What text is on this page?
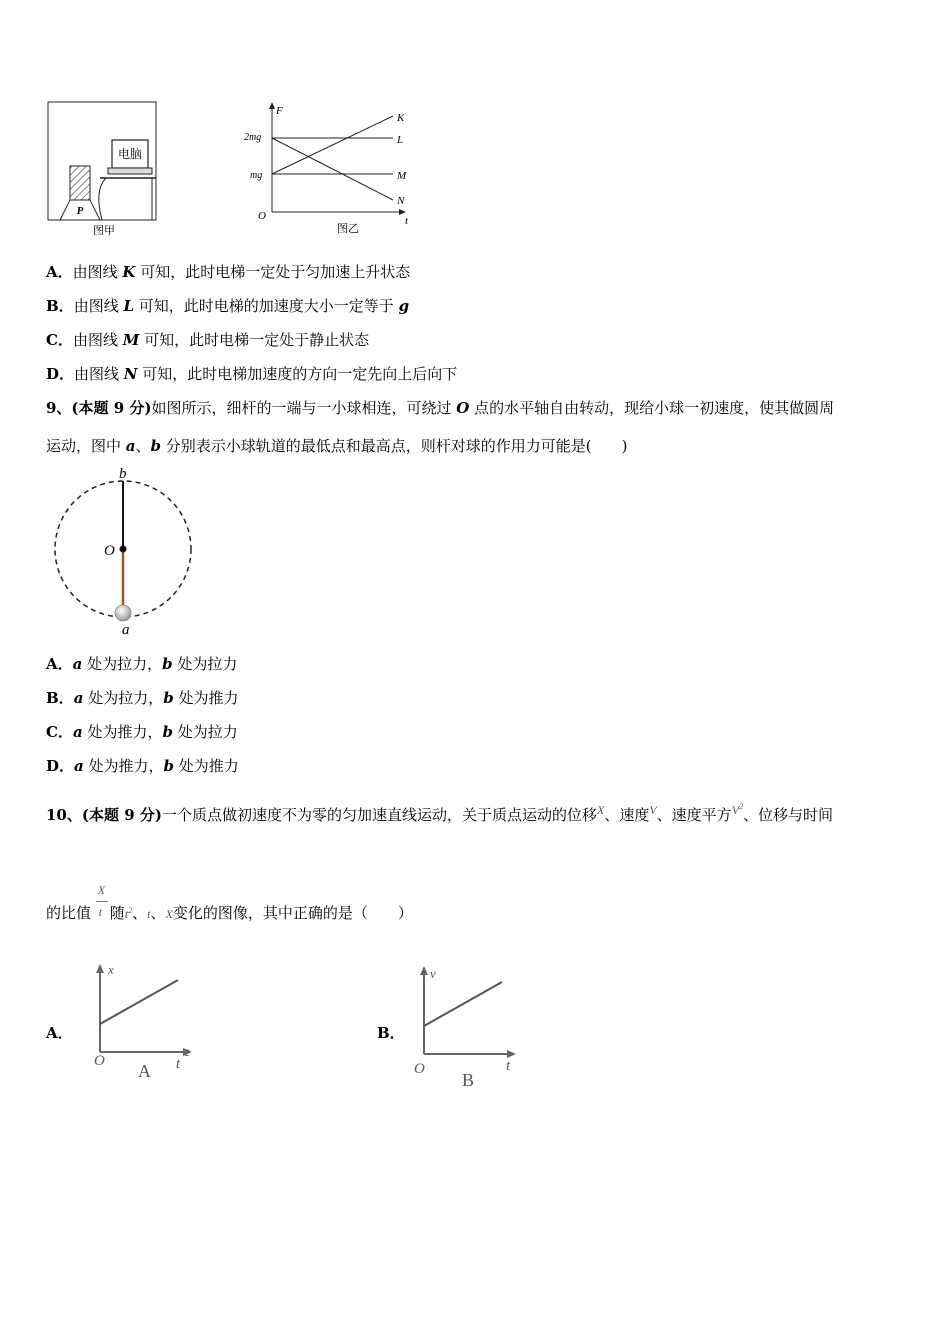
电脑
P
图甲
F
t
O
2mg
mg
K
L
M
N
图乙
A．由图线 K 可知，此时电梯一定处于匀加速上升状态
B．由图线 L 可知，此时电梯的加速度大小一定等于 g
C．由图线 M 可知，此时电梯一定处于静止状态
D．由图线 N 可知，此时电梯加速度的方向一定先向上后向下
9、(本题 9 分)如图所示，细杆的一端与一小球相连，可绕过 O 点的水平轴自由转动，现给小球一初速度，使其做圆周
运动，图中 a、b 分别表示小球轨道的最低点和最高点，则杆对球的作用力可能是(　　)
b
O
a
A．a 处为拉力，b 处为拉力
B．a 处为拉力，b 处为推力
C．a 处为推力，b 处为拉力
D．a 处为推力，b 处为推力
10、(本题 9 分)一个质点做初速度不为零的匀加速直线运动，关于质点运动的位移$^X$、速度$^V$、速度平方$^{V^2}$、位移与时间
的比值 $\frac{X}{t}$ 随$t^2$、t、X变化的图像，其中正确的是（　　）
A．
x
O	t
2
A
B．
v
O	t
B
